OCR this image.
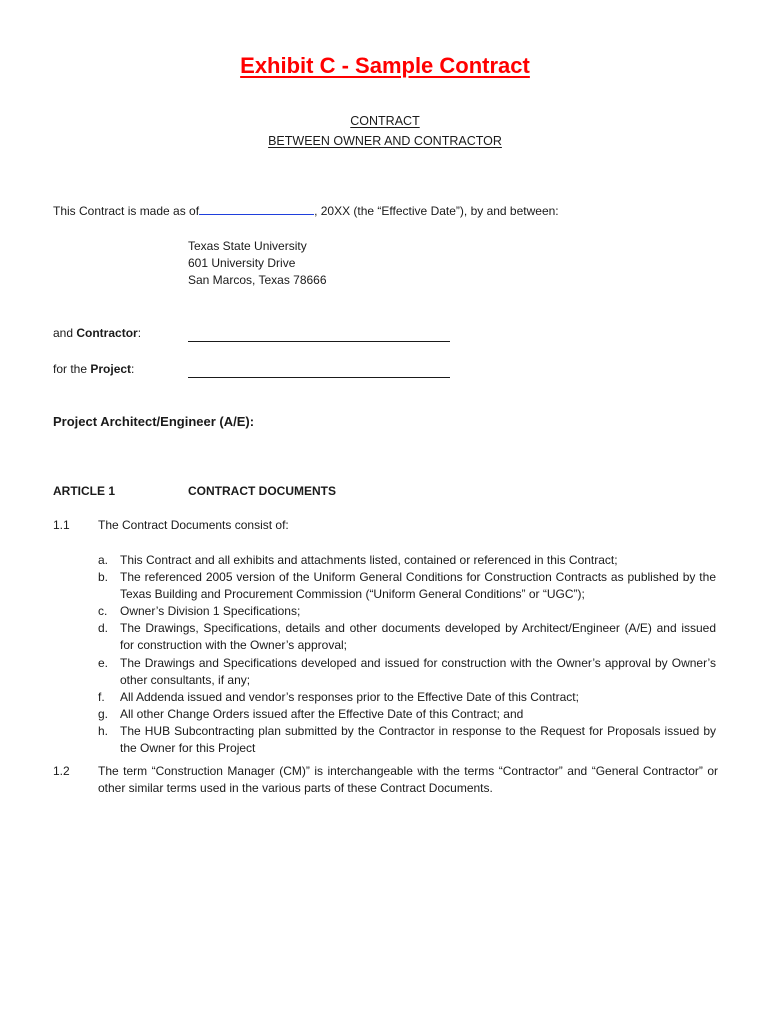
Exhibit C - Sample Contract
CONTRACT
BETWEEN OWNER AND CONTRACTOR
This Contract is made as of	, 20XX (the “Effective Date”), by and between:
Texas State University
601 University Drive
San Marcos, Texas 78666
and Contractor:
for the Project:
Project Architect/Engineer (A/E):
ARTICLE 1	CONTRACT DOCUMENTS
1.1 The Contract Documents consist of:
a. This Contract and all exhibits and attachments listed, contained or referenced in this Contract;
b. The referenced 2005 version of the Uniform General Conditions for Construction Contracts as published by the Texas Building and Procurement Commission (“Uniform General Conditions” or “UGC”);
c.	Owner’s Division 1 Specifications;
d. The Drawings, Specifications, details and other documents developed by Architect/Engineer (A/E) and issued for construction with the Owner’s approval;
e. The Drawings and Specifications developed and issued for construction with the Owner’s approval by Owner’s other consultants, if any;
f.	All Addenda issued and vendor’s responses prior to the Effective Date of this Contract;
g. All other Change Orders issued after the Effective Date of this Contract; and
h. The HUB Subcontracting plan submitted by the Contractor in response to the Request for Proposals issued by the Owner for this Project
1.2 The term “Construction Manager (CM)” is interchangeable with the terms “Contractor” and “General Contractor” or other similar terms used in the various parts of these Contract Documents.
